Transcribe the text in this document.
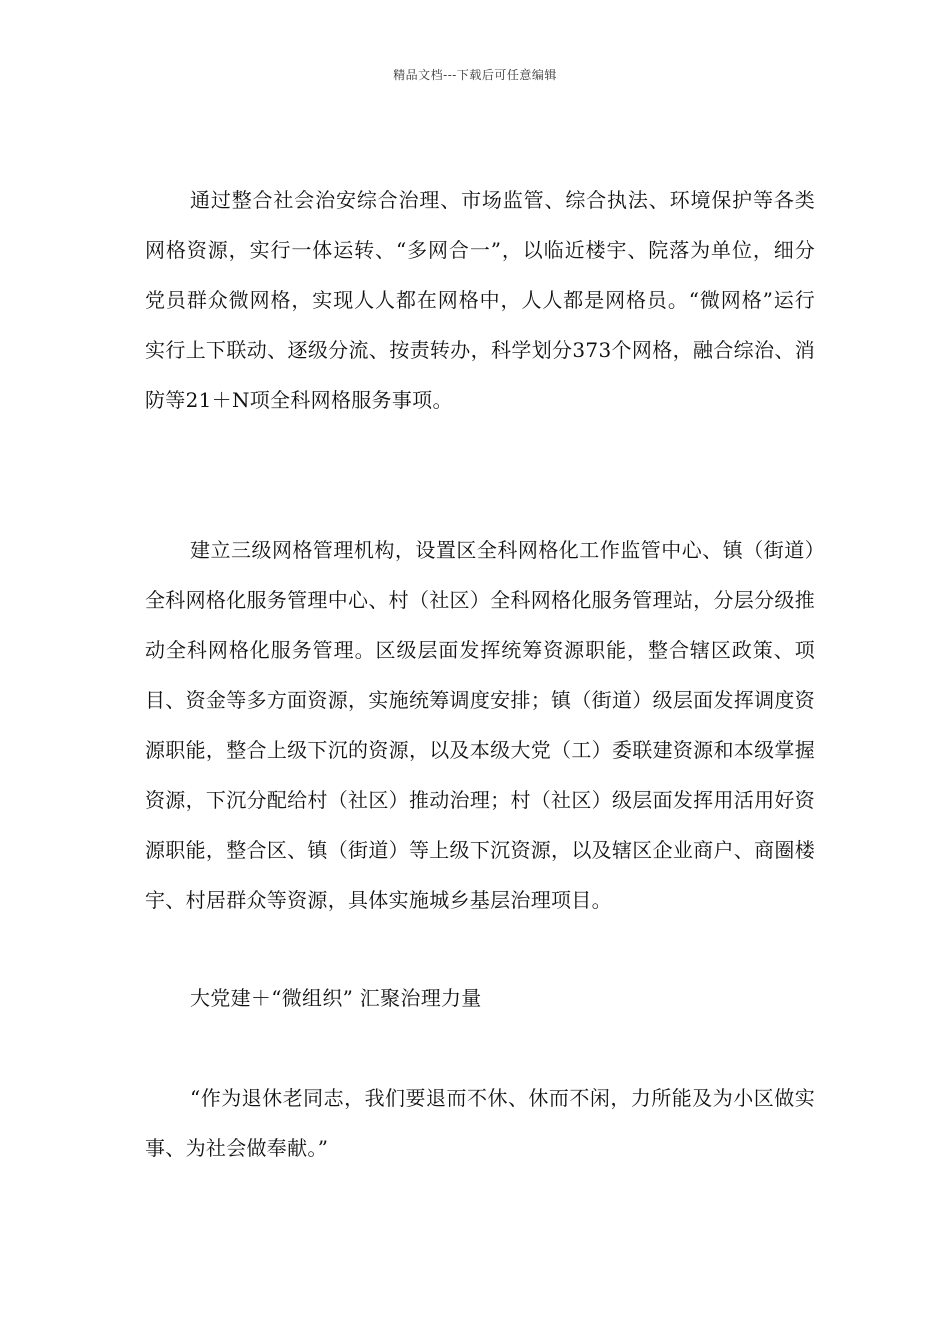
精品文档---下载后可任意编辑

通过整合社会治安综合治理、市场监管、综合执法、环境保护等各类网格资源，实行一体运转、“多网合一”，以临近楼宇、院落为单位，细分党员群众微网格，实现人人都在网格中，人人都是网格员。“微网格”运行实行上下联动、逐级分流、按责转办，科学划分373个网格，融合综治、消防等21＋N项全科网格服务事项。

建立三级网格管理机构，设置区全科网格化工作监管中心、镇（街道）全科网格化服务管理中心、村（社区）全科网格化服务管理站，分层分级推动全科网格化服务管理。区级层面发挥统筹资源职能，整合辖区政策、项目、资金等多方面资源，实施统筹调度安排；镇（街道）级层面发挥调度资源职能，整合上级下沉的资源，以及本级大党（工）委联建资源和本级掌握资源，下沉分配给村（社区）推动治理；村（社区）级层面发挥用活用好资源职能，整合区、镇（街道）等上级下沉资源，以及辖区企业商户、商圈楼宇、村居群众等资源，具体实施城乡基层治理项目。

大党建＋“微组织” 汇聚治理力量

“作为退休老同志，我们要退而不休、休而不闲，力所能及为小区做实事、为社会做奉献。”
